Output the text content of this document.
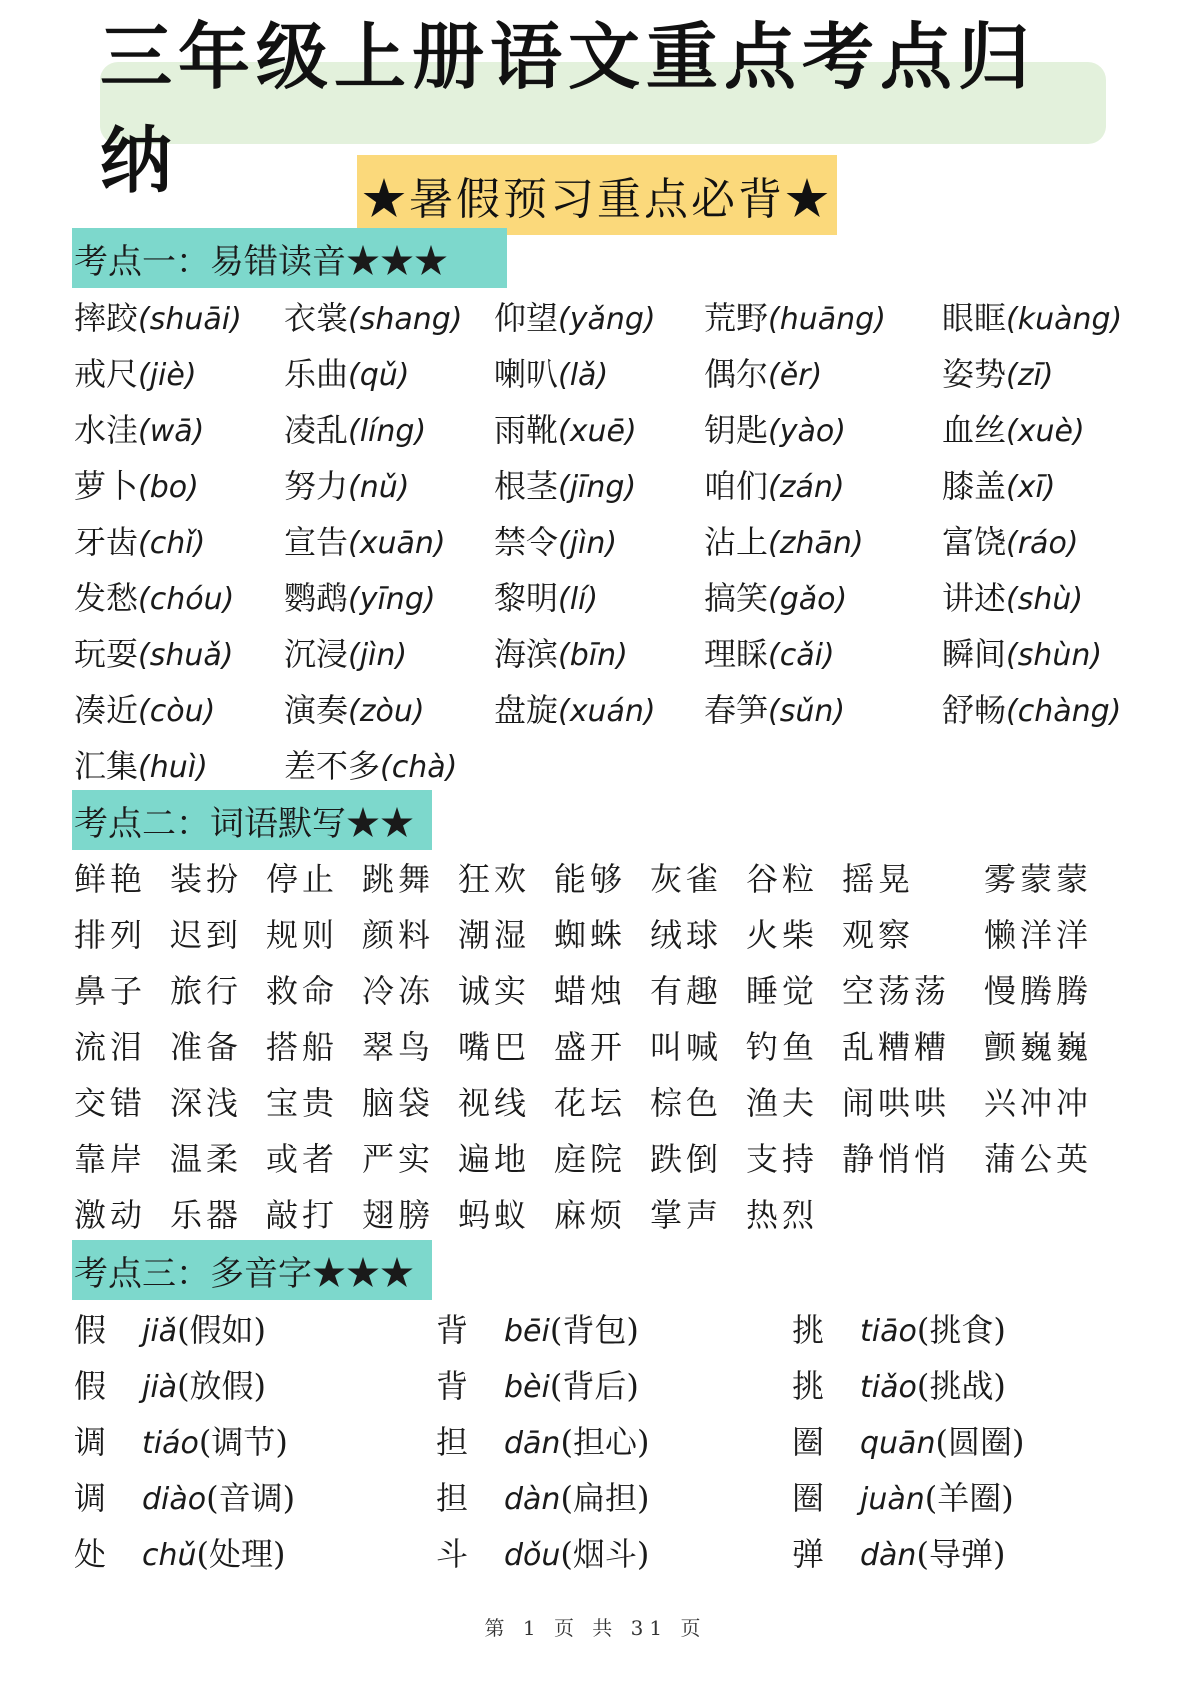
三年级上册语文重点考点归纳	★暑假预习重点必背★
考点一：易错读音★★★
摔跤(shuāi) 衣裳(shang) 仰望(yǎng) 荒野(huāng) 眼眶(kuàng)
戒尺(jiè)	乐曲(qǔ)	喇叭(lǎ)	偶尔(ěr)	姿势(zī)
水洼(wā) 凌乱(líng) 雨靴(xuē) 钥匙(yào)	血丝(xuè)
萝卜(bo)	努力(nǔ)	根茎(jīng) 咱们(zán)	膝盖(xī)
牙齿(chǐ) 宣告(xuān) 禁令(jìn)	沾上(zhān) 富饶(ráo)
发愁(chóu) 鹦鹉(yīng) 黎明(lí)	搞笑(gǎo)	讲述(shù)
玩耍(shuǎ) 沉浸(jìn)	海滨(bīn) 理睬(cǎi)	瞬间(shùn)
凑近(còu) 演奏(zòu) 盘旋(xuán) 春笋(sǔn)	舒畅(chàng)
汇集(huì) 差不多(chà)
考点二：词语默写★★
鲜艳 装扮 停止 跳舞 狂欢 能够 灰雀 谷粒 摇晃 雾蒙蒙
排列 迟到 规则 颜料 潮湿 蜘蛛 绒球 火柴 观察 懒洋洋
鼻子 旅行 救命 冷冻 诚实 蜡烛 有趣 睡觉 空荡荡 慢腾腾
流泪 准备 搭船 翠鸟 嘴巴 盛开 叫喊 钓鱼 乱糟糟 颤巍巍
交错 深浅 宝贵 脑袋 视线 花坛 棕色 渔夫 闹哄哄 兴冲冲
靠岸 温柔 或者 严实 遍地 庭院 跌倒 支持 静悄悄 蒲公英
激动 乐器 敲打 翅膀 蚂蚁 麻烦 掌声 热烈
考点三：多音字★★★
假 jiǎ(假如)	背 bēi(背包)	挑 tiāo(挑食)
假 jià(放假)	背 bèi(背后)	挑 tiǎo(挑战)
调 tiáo(调节)	担 dān(担心)	圈 quān(圆圈)
调 diào(音调)	担 dàn(扁担)	圈 juàn(羊圈)
处 chǔ(处理)	斗 dǒu(烟斗)	弹 dàn(导弹)
第 1 页 共 31 页
